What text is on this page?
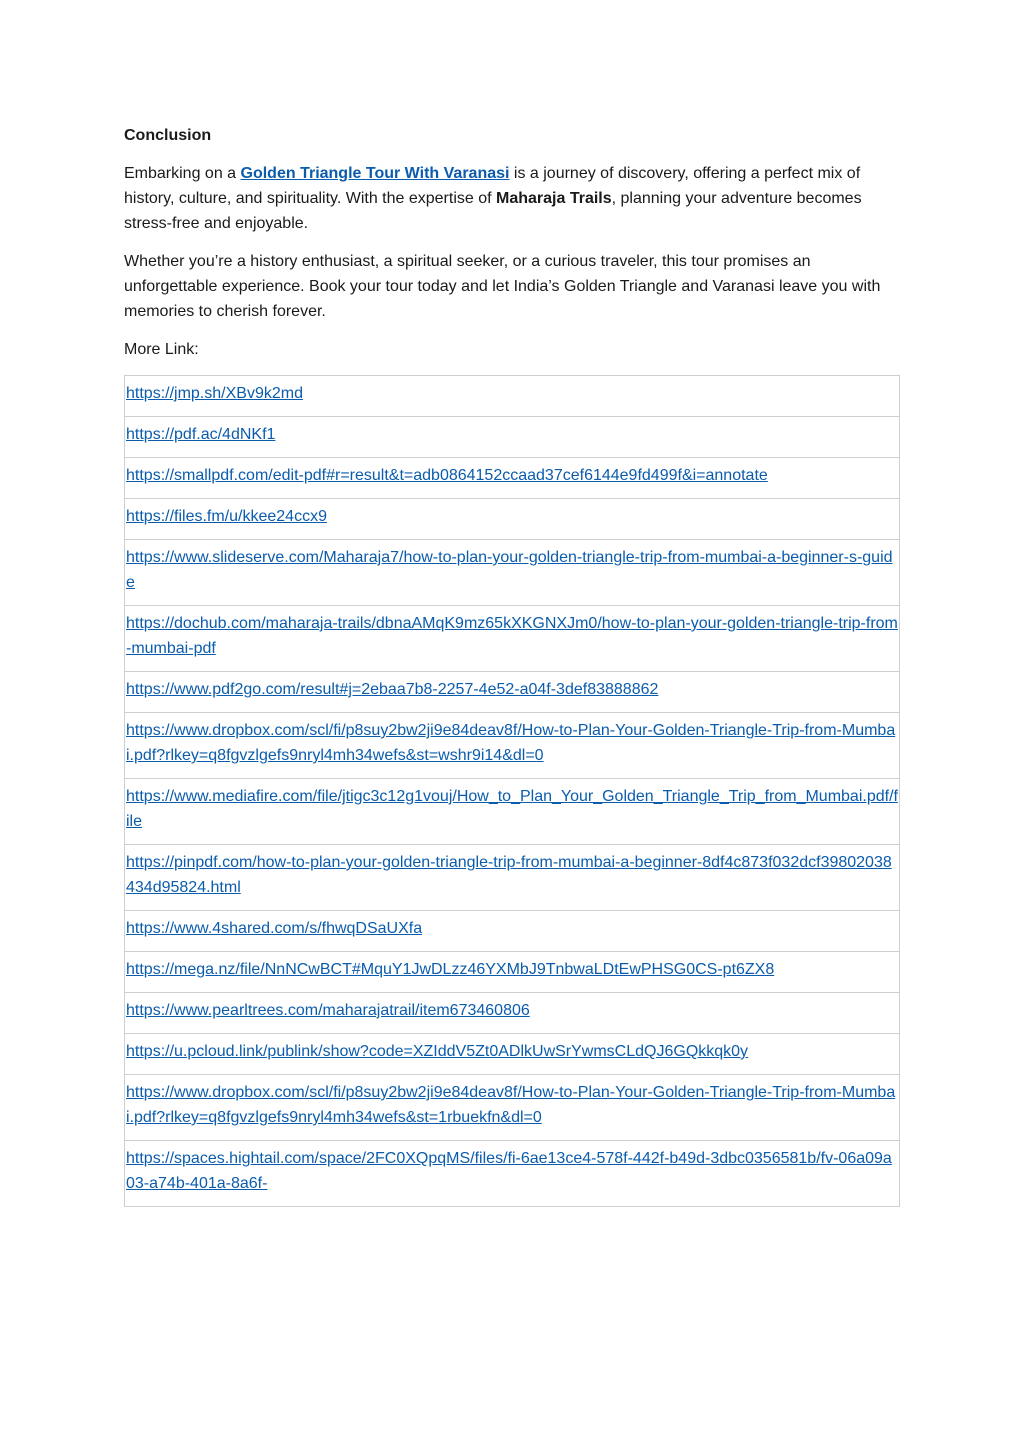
Conclusion

Embarking on a Golden Triangle Tour With Varanasi is a journey of discovery, offering a perfect mix of history, culture, and spirituality. With the expertise of Maharaja Trails, planning your adventure becomes stress-free and enjoyable.

Whether you’re a history enthusiast, a spiritual seeker, or a curious traveler, this tour promises an unforgettable experience. Book your tour today and let India’s Golden Triangle and Varanasi leave you with memories to cherish forever.

More Link:

https://jmp.sh/XBv9k2md
https://pdf.ac/4dNKf1
https://smallpdf.com/edit-pdf#r=result&t=adb0864152ccaad37cef6144e9fd499f&i=annotate
https://files.fm/u/kkee24ccx9
https://www.slideserve.com/Maharaja7/how-to-plan-your-golden-triangle-trip-from-mumbai-a-beginner-s-guide
https://dochub.com/maharaja-trails/dbnaAMqK9mz65kXKGNXJm0/how-to-plan-your-golden-triangle-trip-from-mumbai-pdf
https://www.pdf2go.com/result#j=2ebaa7b8-2257-4e52-a04f-3def83888862
https://www.dropbox.com/scl/fi/p8suy2bw2ji9e84deav8f/How-to-Plan-Your-Golden-Triangle-Trip-from-Mumbai.pdf?rlkey=q8fgvzlgefs9nryl4mh34wefs&st=wshr9i14&dl=0
https://www.mediafire.com/file/jtigc3c12g1vouj/How_to_Plan_Your_Golden_Triangle_Trip_from_Mumbai.pdf/file
https://pinpdf.com/how-to-plan-your-golden-triangle-trip-from-mumbai-a-beginner-8df4c873f032dcf39802038434d95824.html
https://www.4shared.com/s/fhwqDSaUXfa
https://mega.nz/file/NnNCwBCT#MquY1JwDLzz46YXMbJ9TnbwaLDtEwPHSG0CS-pt6ZX8
https://www.pearltrees.com/maharajatrail/item673460806
https://u.pcloud.link/publink/show?code=XZIddV5Zt0ADlkUwSrYwmsCLdQJ6GQkkqk0y
https://www.dropbox.com/scl/fi/p8suy2bw2ji9e84deav8f/How-to-Plan-Your-Golden-Triangle-Trip-from-Mumbai.pdf?rlkey=q8fgvzlgefs9nryl4mh34wefs&st=1rbuekfn&dl=0
https://spaces.hightail.com/space/2FC0XQpqMS/files/fi-6ae13ce4-578f-442f-b49d-3dbc0356581b/fv-06a09a03-a74b-401a-8a6f-
